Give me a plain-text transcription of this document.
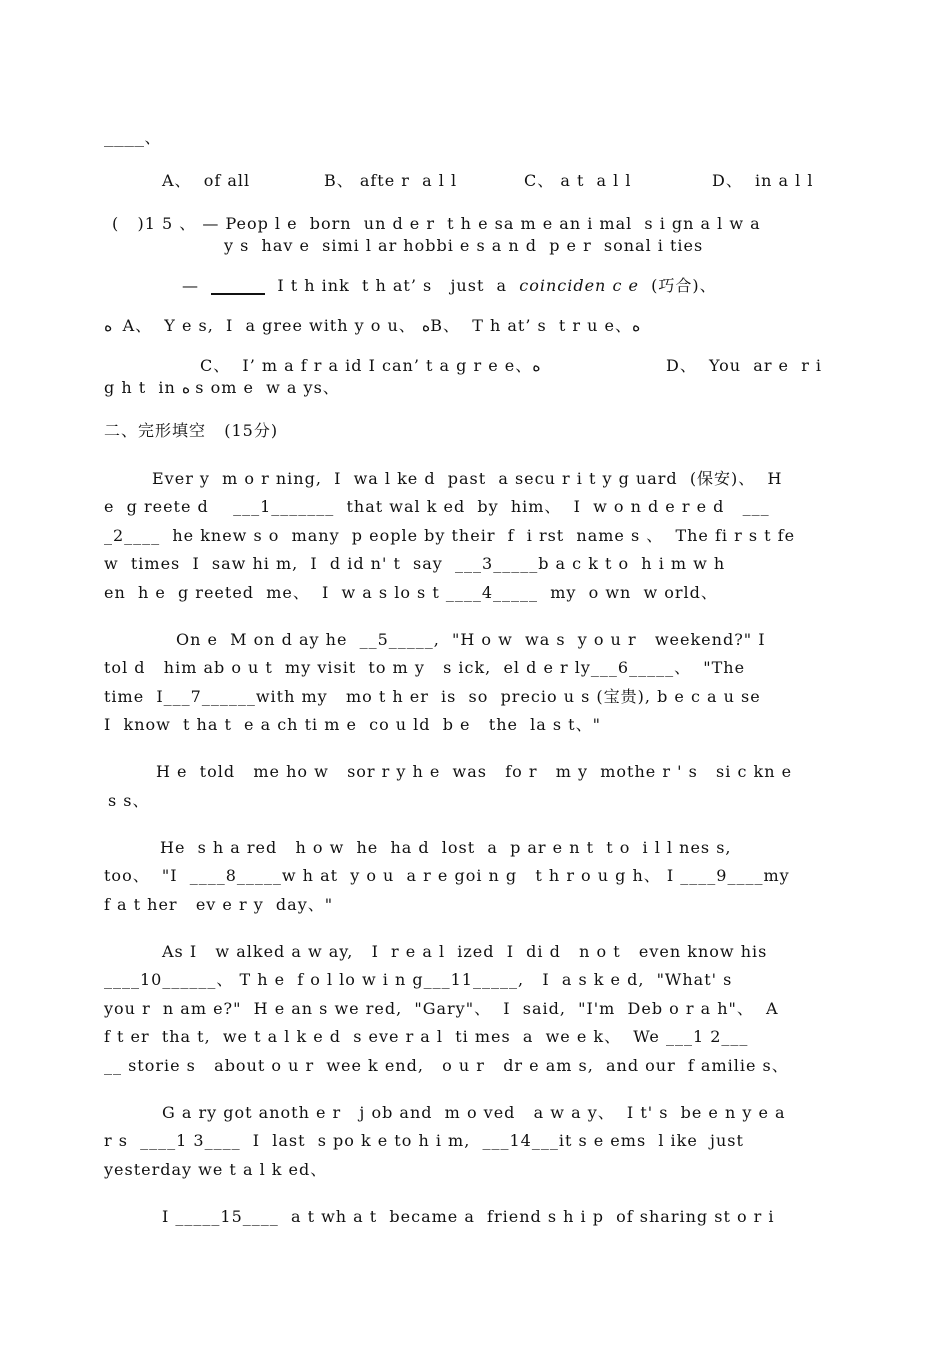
____、
A、  of all	B、 afte r  a l l	C、 a t  a l l	D、  in a l l
(   )1 5 、 — Peop l e  born  un d e r  t h e sa m e an i mal  s i gn a l w a
y s  hav e  simi l ar hobbi e s a n d  p e r  sonal i ties
—	I t h ink  t h at’ s   just  a coinciden c e (巧合)、
ﻩ  A、  Y e s,  I  a gree with y o u、 ﻩB、  T h at’ s  t r u e、ﻩ
C、  I’ m a f r a id I can’ t a g r e e、ﻩ	D、  You  ar e  r i
g h t  in ﻩ s om e  w a ys、
二、完形填空   (15分)
Ever y  m o r ning,  I  wa l ke d  past  a secu r i t y g uard  (保安)、  H
e  g reete d    ___1_______  that wal k ed  by  him、  I  w o n d e r e d   ___
_2____  he knew s o  many  p eople by their  f  i rst  name s 、  The fi r s t fe
w  times  I  saw hi m,  I  d id n' t  say  ___3_____b a c k t o  h i m w h
en  h e  g reeted  me、  I  w a s lo s t ____4_____  my  o wn  w orld、
On e  M on d ay he  __5_____,  "H o w  wa s  y o u r   weekend?" I
tol d   him ab o u t  my visit  to m y   s ick,  el d e r ly___6_____、  "The
time  I___7______with my   mo t h er  is  so  precio u s (宝贵), b e c a u se
I  know  t ha t  e a ch ti m e  co u ld  b e   the  la s t、"
H e  told   me ho w   sor r y h e  was   fo r   m y  mothe r ' s   si c kn e
s s、
He  s h a red   h o w  he  ha d  lost  a  p ar e n t  t o  i l l nes s,
too、  "I  ____8_____w h at  y o u  a r e goi n g   t h r o u g h、 I ____9____my
f a t her   ev e r y  day、"
As I   w alked a w ay,   I  r e a l  ized  I  di d   n o t   even know his
____10______、 T h e  f o l lo w i n g___11_____,   I  a s k e d,  "What' s
you r  n am e?"  H e an s we red,  "Gary"、  I  said,  "I'm  Deb o r a h"、  A
f t er  tha t,  we t a l k e d  s eve r a l  ti mes  a  we e k、  We ___1 2___
__ storie s   about o u r  wee k end,   o u r   dr e am s,  and our  f amilie s、
G a ry got anoth e r   j ob and  m o ved   a w a y、  I t' s  be e n y e a
r s  ____1 3____  I  last  s po k e to h i m,  ___14___it s e ems  l ike  just
yesterday we t a l k ed、
I _____15____  a t wh a t  became a  friend s h i p  of sharing st o r i
